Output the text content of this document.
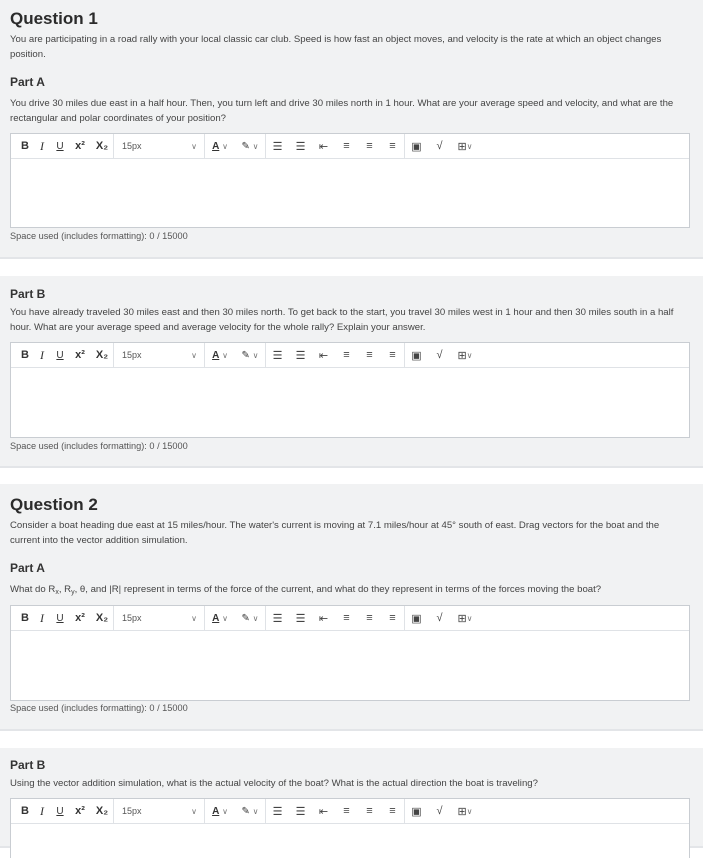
Question 1
You are participating in a road rally with your local classic car club. Speed is how fast an object moves, and velocity is the rate at which an object changes position.
Part A
You drive 30 miles due east in a half hour. Then, you turn left and drive 30 miles north in 1 hour. What are your average speed and velocity, and what are the rectangular and polar coordinates of your position?
B I	U	x² X₂	15px	∨ A
∨ ✎
∨	☰	☰	⇤	≡	≡	≡	▣	√	⊞ ∨
Space used (includes formatting): 0 / 15000
Part B
You have already traveled 30 miles east and then 30 miles north. To get back to the start, you travel 30 miles west in 1 hour and then 30 miles south in a half hour. What are your average speed and average velocity for the whole rally? Explain your answer.
B I	U	x² X₂	15px	∨ A
∨ ✎
∨	☰	☰	⇤	≡	≡	≡	▣	√	⊞ ∨
Space used (includes formatting): 0 / 15000
Question 2
Consider a boat heading due east at 15 miles/hour. The water's current is moving at 7.1 miles/hour at 45° south of east. Drag vectors for the boat and the current into the vector addition simulation.
Part A
What do $R_x$, $R_y$, θ, and |R| represent in terms of the force of the current, and what do they represent in terms of the forces moving the boat?
B I	U	x² X₂	15px	∨ A
∨ ✎
∨	☰	☰	⇤	≡	≡	≡	▣	√	⊞ ∨
Space used (includes formatting): 0 / 15000
Part B
Using the vector addition simulation, what is the actual velocity of the boat? What is the actual direction the boat is traveling?
B I	U	x² X₂	15px	∨ A
∨ ✎
∨	☰	☰	⇤	≡	≡	≡	▣	√	⊞ ∨
